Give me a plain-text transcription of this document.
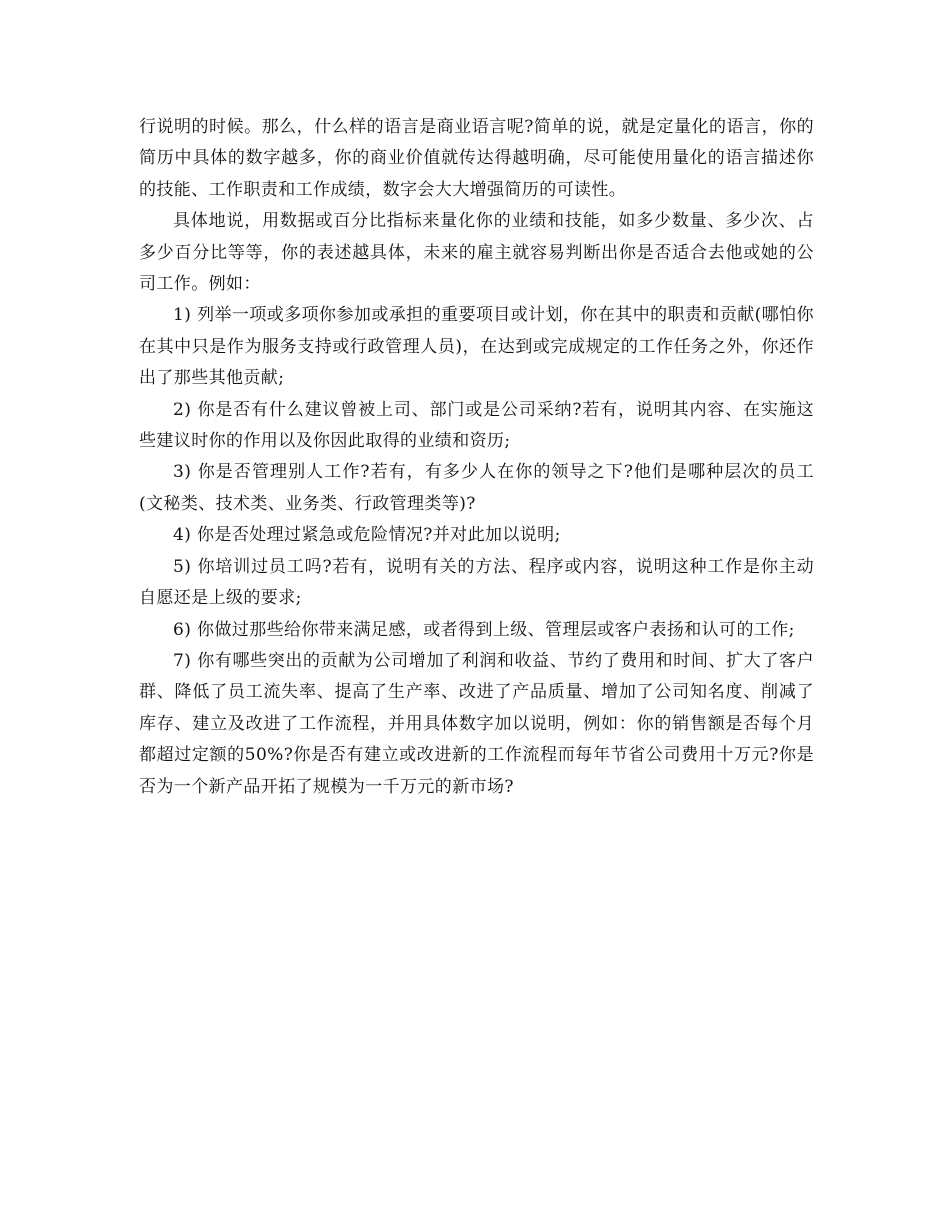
行说明的时候。那么，什么样的语言是商业语言呢?简单的说，就是定量化的语言，你的简历中具体的数字越多，你的商业价值就传达得越明确，尽可能使用量化的语言描述你的技能、工作职责和工作成绩，数字会大大增强简历的可读性。

具体地说，用数据或百分比指标来量化你的业绩和技能，如多少数量、多少次、占多少百分比等等，你的表述越具体，未来的雇主就容易判断出你是否适合去他或她的公司工作。例如：

1) 列举一项或多项你参加或承担的重要项目或计划，你在其中的职责和贡献(哪怕你在其中只是作为服务支持或行政管理人员)，在达到或完成规定的工作任务之外，你还作出了那些其他贡献;

2) 你是否有什么建议曾被上司、部门或是公司采纳?若有，说明其内容、在实施这些建议时你的作用以及你因此取得的业绩和资历;

3) 你是否管理别人工作?若有，有多少人在你的领导之下?他们是哪种层次的员工(文秘类、技术类、业务类、行政管理类等)?

4) 你是否处理过紧急或危险情况?并对此加以说明;

5) 你培训过员工吗?若有，说明有关的方法、程序或内容，说明这种工作是你主动自愿还是上级的要求;

6) 你做过那些给你带来满足感，或者得到上级、管理层或客户表扬和认可的工作;

7) 你有哪些突出的贡献为公司增加了利润和收益、节约了费用和时间、扩大了客户群、降低了员工流失率、提高了生产率、改进了产品质量、增加了公司知名度、削减了库存、建立及改进了工作流程，并用具体数字加以说明，例如：你的销售额是否每个月都超过定额的50%?你是否有建立或改进新的工作流程而每年节省公司费用十万元?你是否为一个新产品开拓了规模为一千万元的新市场?
